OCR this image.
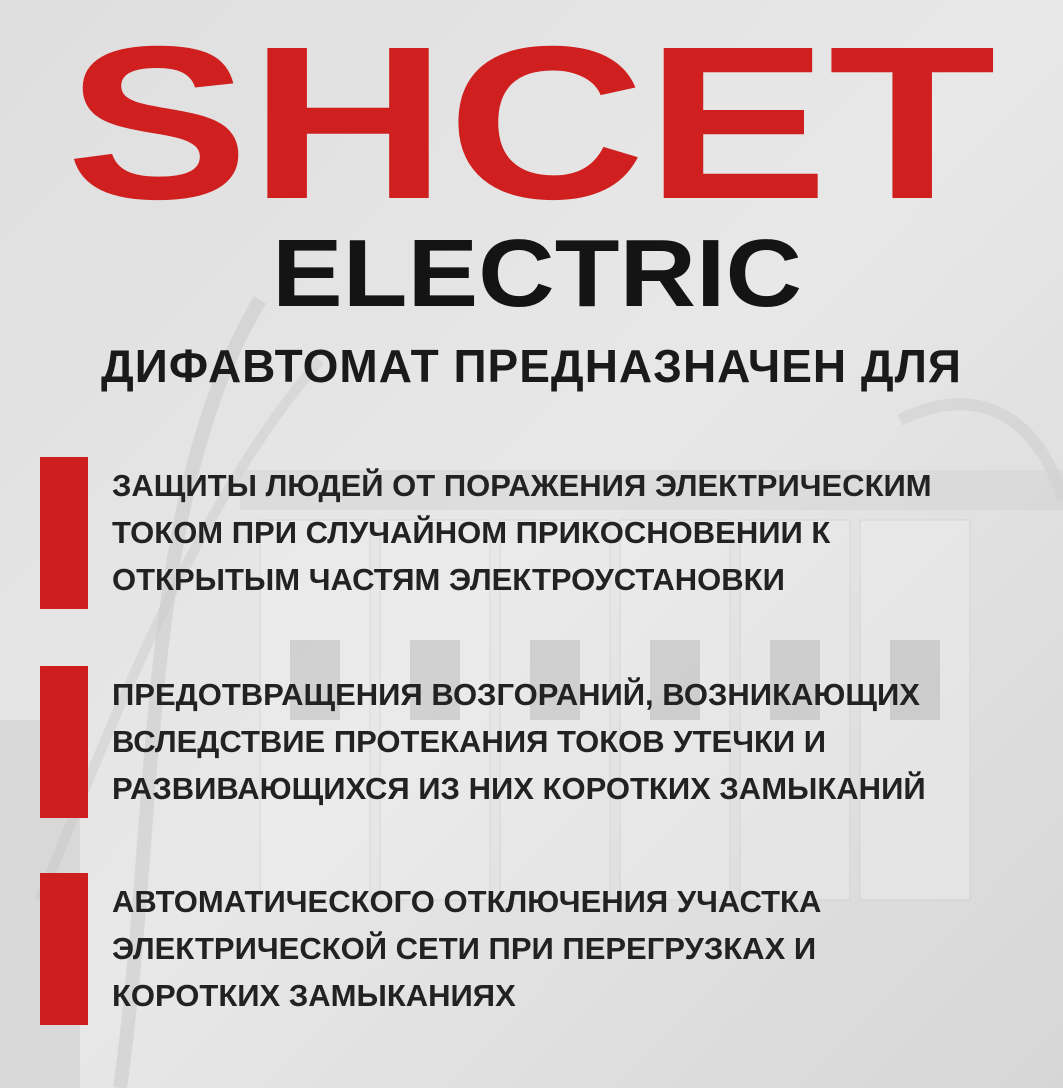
SHCET
ELECTRIC
ДИФАВТОМАТ ПРЕДНАЗНАЧЕН ДЛЯ
ЗАЩИТЫ ЛЮДЕЙ ОТ ПОРАЖЕНИЯ ЭЛЕКТРИЧЕСКИМ
ТОКОМ ПРИ СЛУЧАЙНОМ ПРИКОСНОВЕНИИ К
ОТКРЫТЫМ ЧАСТЯМ ЭЛЕКТРОУСТАНОВКИ
ПРЕДОТВРАЩЕНИЯ ВОЗГОРАНИЙ, ВОЗНИКАЮЩИХ
ВСЛЕДСТВИЕ ПРОТЕКАНИЯ ТОКОВ УТЕЧКИ И
РАЗВИВАЮЩИХСЯ ИЗ НИХ КОРОТКИХ ЗАМЫКАНИЙ
АВТОМАТИЧЕСКОГО ОТКЛЮЧЕНИЯ УЧАСТКА
ЭЛЕКТРИЧЕСКОЙ СЕТИ ПРИ ПЕРЕГРУЗКАХ И
КОРОТКИХ ЗАМЫКАНИЯХ
